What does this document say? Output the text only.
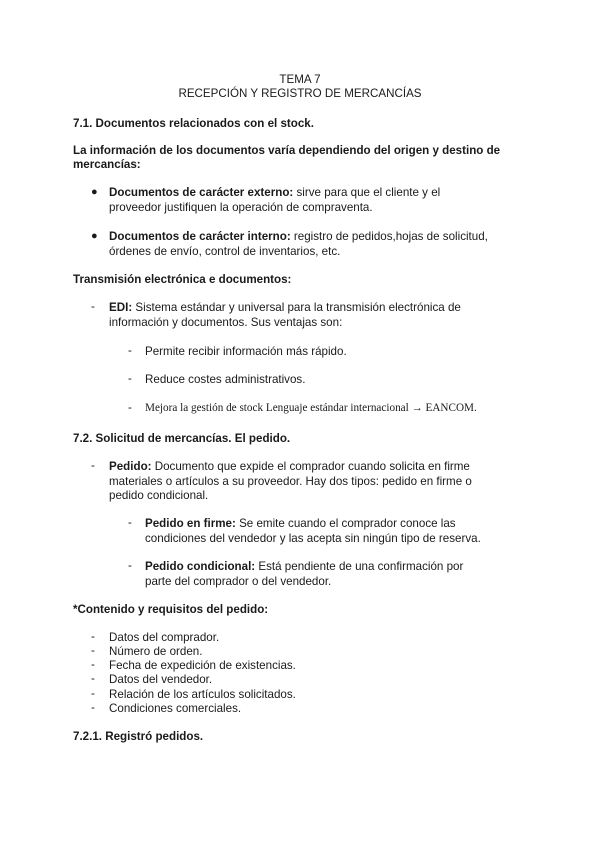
TEMA 7
RECEPCIÓN Y REGISTRO DE MERCANCÍAS
7.1. Documentos relacionados con el stock.
La información de los documentos varía dependiendo del origen y destino de
mercancías:
● Documentos de carácter externo: sirve para que el cliente y el
proveedor justifiquen la operación de compraventa.
● Documentos de carácter interno: registro de pedidos,hojas de solicitud,
órdenes de envío, control de inventarios, etc.
Transmisión electrónica e documentos:
- EDI: Sistema estándar y universal para la transmisión electrónica de
información y documentos. Sus ventajas son:
- Permite recibir información más rápido.
- Reduce costes administrativos.
- Mejora la gestión de stock Lenguaje estándar internacional → EANCOM.
7.2. Solicitud de mercancías. El pedido.
- Pedido: Documento que expide el comprador cuando solicita en firme
materiales o artículos a su proveedor. Hay dos tipos: pedido en firme o
pedido condicional.
- Pedido en firme: Se emite cuando el comprador conoce las
condiciones del vendedor y las acepta sin ningún tipo de reserva.
- Pedido condicional: Está pendiente de una confirmación por
parte del comprador o del vendedor.
*Contenido y requisitos del pedido:
- Datos del comprador.
- Número de orden.
- Fecha de expedición de existencias.
- Datos del vendedor.
- Relación de los artículos solicitados.
- Condiciones comerciales.
7.2.1. Registró pedidos.
